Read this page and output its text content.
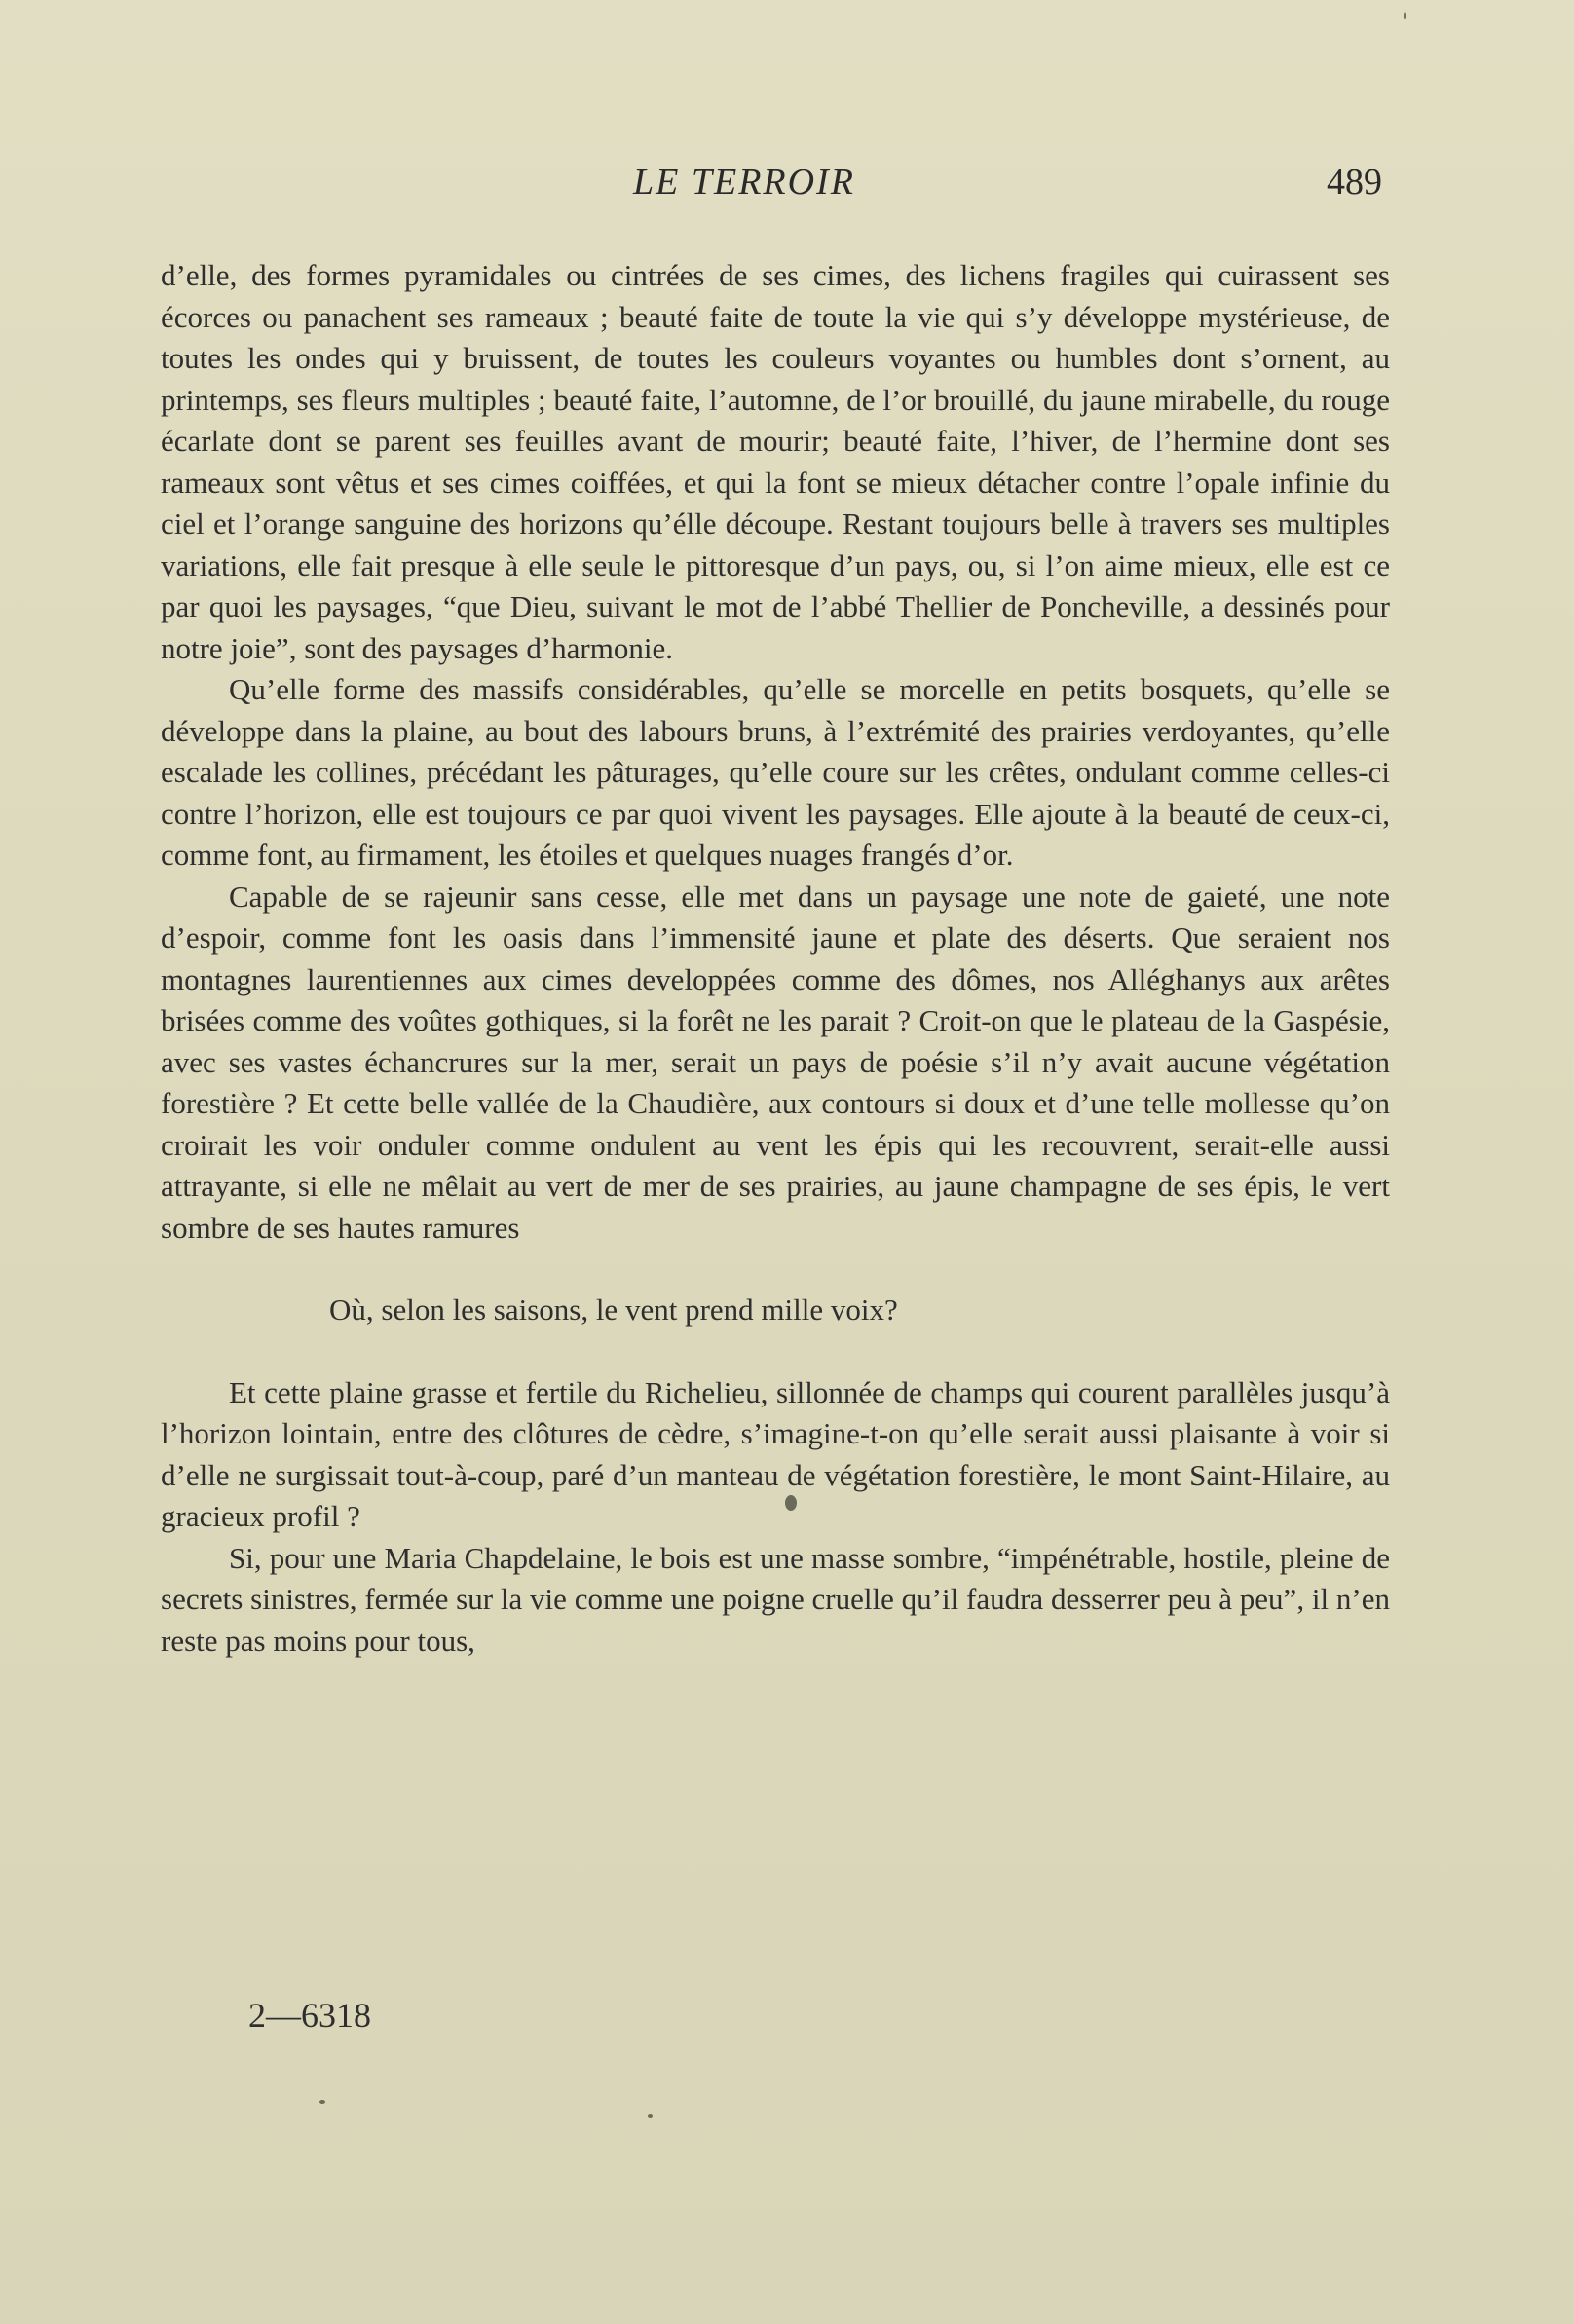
LE TERROIR	489

d’elle, des formes pyramidales ou cintrées de ses cimes, des lichens fragiles qui cuirassent ses écorces ou panachent ses rameaux ; beauté faite de toute la vie qui s’y développe mystérieuse, de toutes les ondes qui y bruissent, de toutes les couleurs voyantes ou humbles dont s’ornent, au printemps, ses fleurs multiples ; beauté faite, l’automne, de l’or brouillé, du jaune mirabelle, du rouge écarlate dont se parent ses feuilles avant de mourir; beauté faite, l’hiver, de l’hermine dont ses rameaux sont vêtus et ses cimes coiffées, et qui la font se mieux détacher contre l’opale infinie du ciel et l’orange sanguine des horizons qu’élle découpe. Restant toujours belle à travers ses multiples variations, elle fait presque à elle seule le pittoresque d’un pays, ou, si l’on aime mieux, elle est ce par quoi les paysages, “que Dieu, suivant le mot de l’abbé Thellier de Poncheville, a dessinés pour notre joie”, sont des paysages d’harmonie.

Qu’elle forme des massifs considérables, qu’elle se morcelle en petits bosquets, qu’elle se développe dans la plaine, au bout des labours bruns, à l’extrémité des prairies verdoyantes, qu’elle escalade les collines, précédant les pâturages, qu’elle coure sur les crêtes, ondulant comme celles-ci contre l’horizon, elle est toujours ce par quoi vivent les paysages. Elle ajoute à la beauté de ceux-ci, comme font, au firmament, les étoiles et quelques nuages frangés d’or.

Capable de se rajeunir sans cesse, elle met dans un paysage une note de gaieté, une note d’espoir, comme font les oasis dans l’immensité jaune et plate des déserts. Que seraient nos montagnes laurentiennes aux cimes developpées comme des dômes, nos Alléghanys aux arêtes brisées comme des voûtes gothiques, si la forêt ne les parait ? Croit-on que le plateau de la Gaspésie, avec ses vastes échancrures sur la mer, serait un pays de poésie s’il n’y avait aucune végétation forestière ? Et cette belle vallée de la Chaudière, aux contours si doux et d’une telle mollesse qu’on croirait les voir onduler comme ondulent au vent les épis qui les recouvrent, serait-elle aussi attrayante, si elle ne mêlait au vert de mer de ses prairies, au jaune champagne de ses épis, le vert sombre de ses hautes ramures

Où, selon les saisons, le vent prend mille voix?

Et cette plaine grasse et fertile du Richelieu, sillonnée de champs qui courent parallèles jusqu’à l’horizon lointain, entre des clôtures de cèdre, s’imagine-t-on qu’elle serait aussi plaisante à voir si d’elle ne surgissait tout-à-coup, paré d’un manteau de végétation forestière, le mont Saint-Hilaire, au gracieux profil ?

Si, pour une Maria Chapdelaine, le bois est une masse sombre, “impénétrable, hostile, pleine de secrets sinistres, fermée sur la vie comme une poigne cruelle qu’il faudra desserrer peu à peu”, il n’en reste pas moins pour tous,

2—6318
